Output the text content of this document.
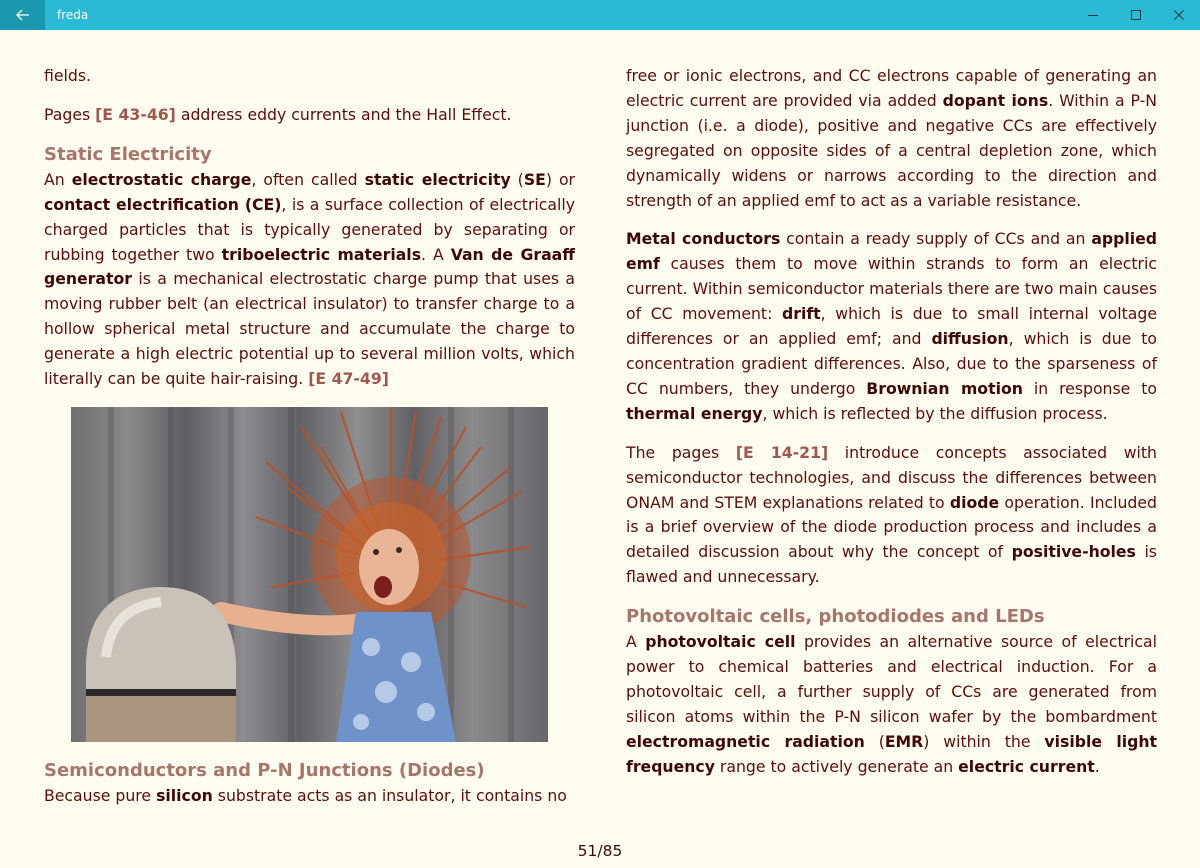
freda

fields.

Pages [E 43-46] address eddy currents and the Hall Effect.

Static Electricity

An electrostatic charge, often called static electricity (SE) or contact electrification (CE), is a surface collection of electrically charged particles that is typically generated by separating or rubbing together two triboelectric materials. A Van de Graaff generator is a mechanical electrostatic charge pump that uses a moving rubber belt (an electrical insulator) to transfer charge to a hollow spherical metal structure and accumulate the charge to generate a high electric potential up to several million volts, which literally can be quite hair-raising. [E 47-49]

Semiconductors and P-N Junctions (Diodes)

Because pure silicon substrate acts as an insulator, it contains no

free or ionic electrons, and CC electrons capable of generating an electric current are provided via added dopant ions. Within a P-N junction (i.e. a diode), positive and negative CCs are effectively segregated on opposite sides of a central depletion zone, which dynamically widens or narrows according to the direction and strength of an applied emf to act as a variable resistance.

Metal conductors contain a ready supply of CCs and an applied emf causes them to move within strands to form an electric current. Within semiconductor materials there are two main causes of CC movement: drift, which is due to small internal voltage differences or an applied emf; and diffusion, which is due to concentration gradient differences. Also, due to the sparseness of CC numbers, they undergo Brownian motion in response to thermal energy, which is reflected by the diffusion process.

The pages [E 14-21] introduce concepts associated with semiconductor technologies, and discuss the differences between ONAM and STEM explanations related to diode operation. Included is a brief overview of the diode production process and includes a detailed discussion about why the concept of positive-holes is flawed and unnecessary.

Photovoltaic cells, photodiodes and LEDs

A photovoltaic cell provides an alternative source of electrical power to chemical batteries and electrical induction. For a photovoltaic cell, a further supply of CCs are generated from silicon atoms within the P-N silicon wafer by the bombardment electromagnetic radiation (EMR) within the visible light frequency range to actively generate an electric current.

51/85
